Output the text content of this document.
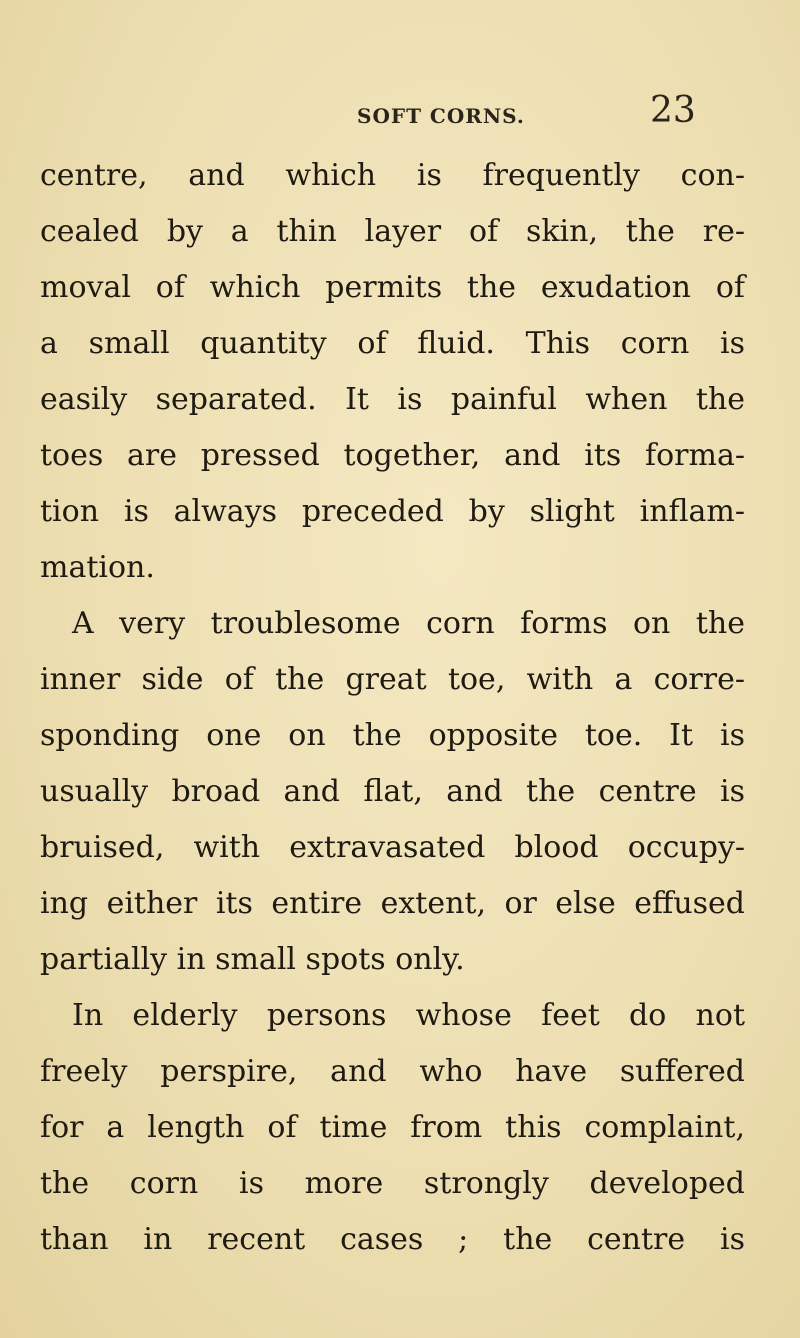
SOFT CORNS.	23
centre, and which is frequently con-
cealed by a thin layer of skin, the re-
moval of which permits the exudation of
a small quantity of fluid. This corn is
easily separated. It is painful when the
toes are pressed together, and its forma-
tion is always preceded by slight inflam-
mation.
A very troublesome corn forms on the
inner side of the great toe, with a corre-
sponding one on the opposite toe. It is
usually broad and flat, and the centre is
bruised, with extravasated blood occupy-
ing either its entire extent, or else effused
partially in small spots only.
In elderly persons whose feet do not
freely perspire, and who have suffered
for a length of time from this complaint,
the corn is more strongly developed
than in recent cases ; the centre is
